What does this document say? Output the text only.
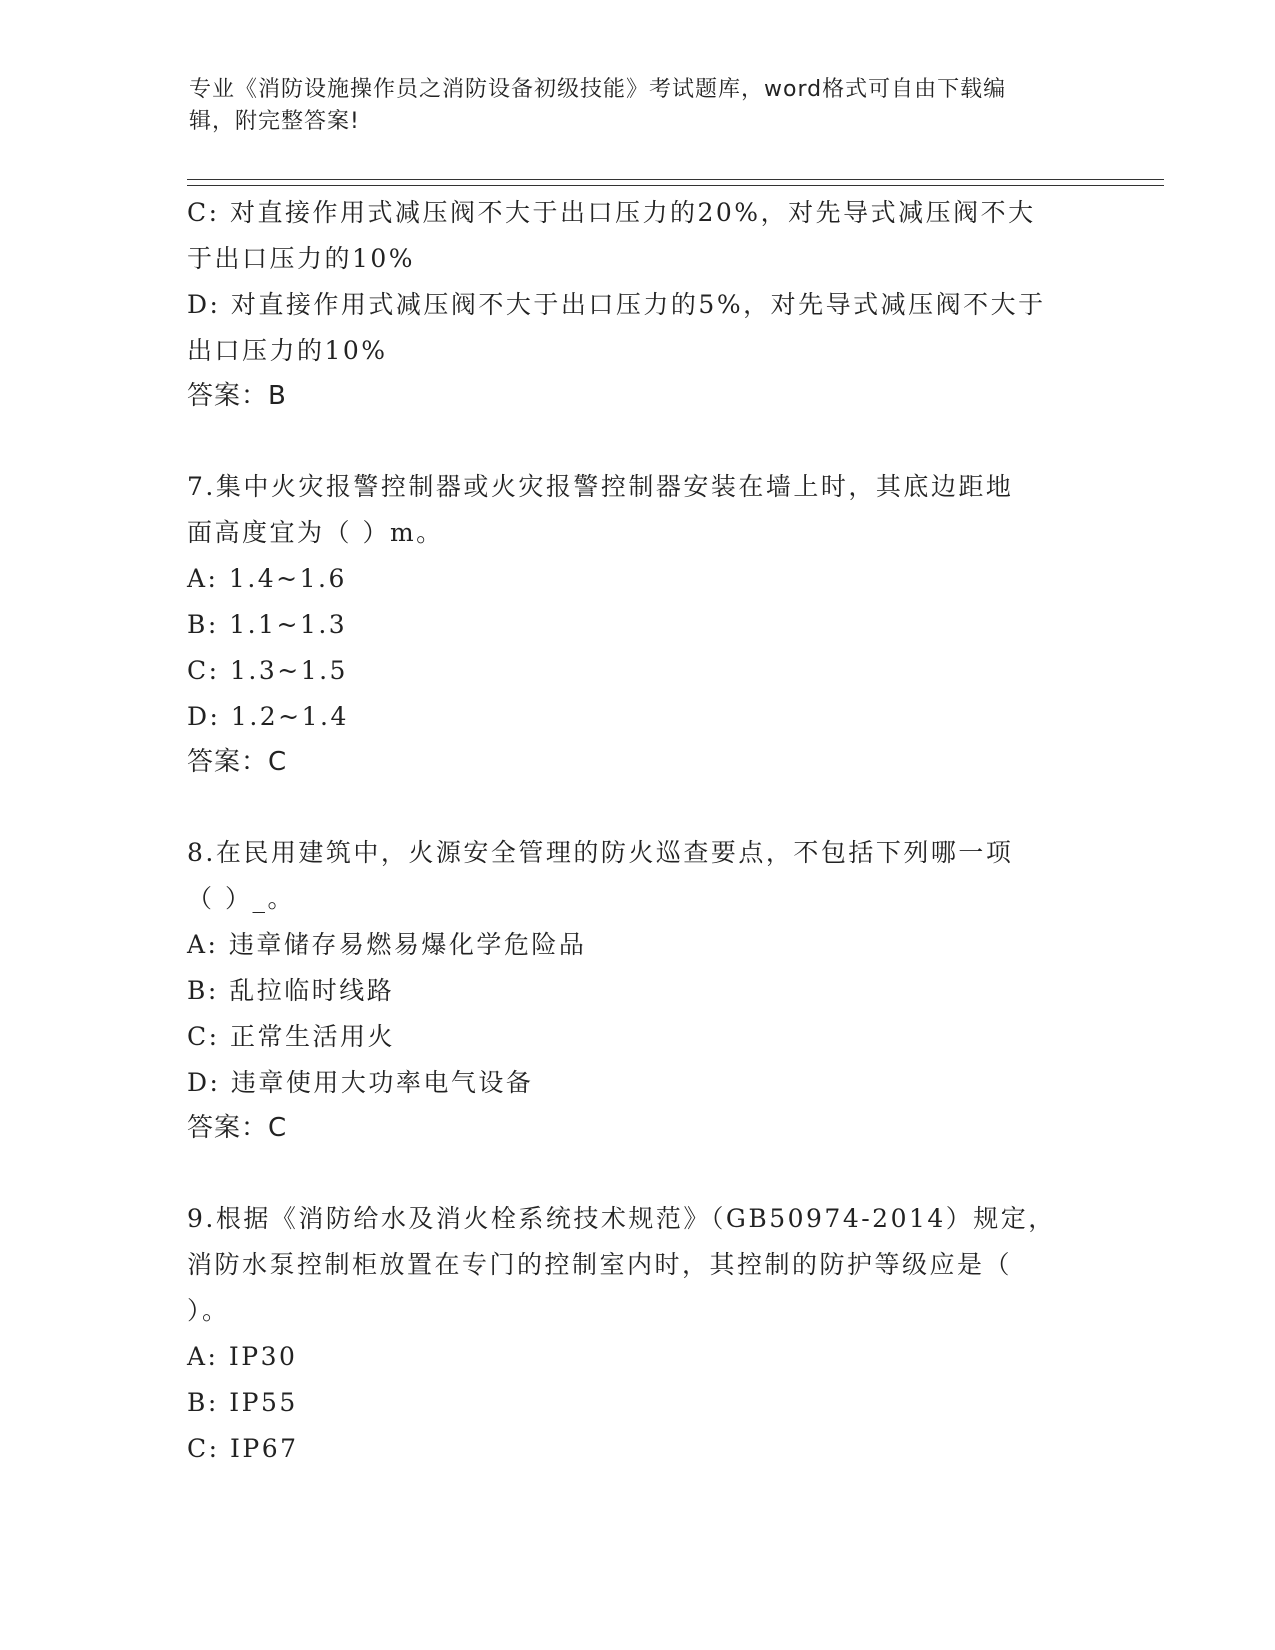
专业《消防设施操作员之消防设备初级技能》考试题库，word格式可自由下载编
辑，附完整答案!
C: 对直接作用式减压阀不大于出口压力的20%，对先导式减压阀不大
于出口压力的10%
D: 对直接作用式减压阀不大于出口压力的5%，对先导式减压阀不大于
出口压力的10%
答案：B
7.集中火灾报警控制器或火灾报警控制器安装在墙上时，其底边距地
面高度宜为（ ）m。
A: 1.4~1.6
B: 1.1~1.3
C: 1.3~1.5
D: 1.2~1.4
答案：C
8.在民用建筑中，火源安全管理的防火巡查要点，不包括下列哪一项
（ ）_。
A: 违章储存易燃易爆化学危险品
B: 乱拉临时线路
C: 正常生活用火
D: 违章使用大功率电气设备
答案：C
9.根据《消防给水及消火栓系统技术规范》（GB50974-2014）规定，
消防水泵控制柜放置在专门的控制室内时，其控制的防护等级应是（
）。
A: IP30
B: IP55
C: IP67
